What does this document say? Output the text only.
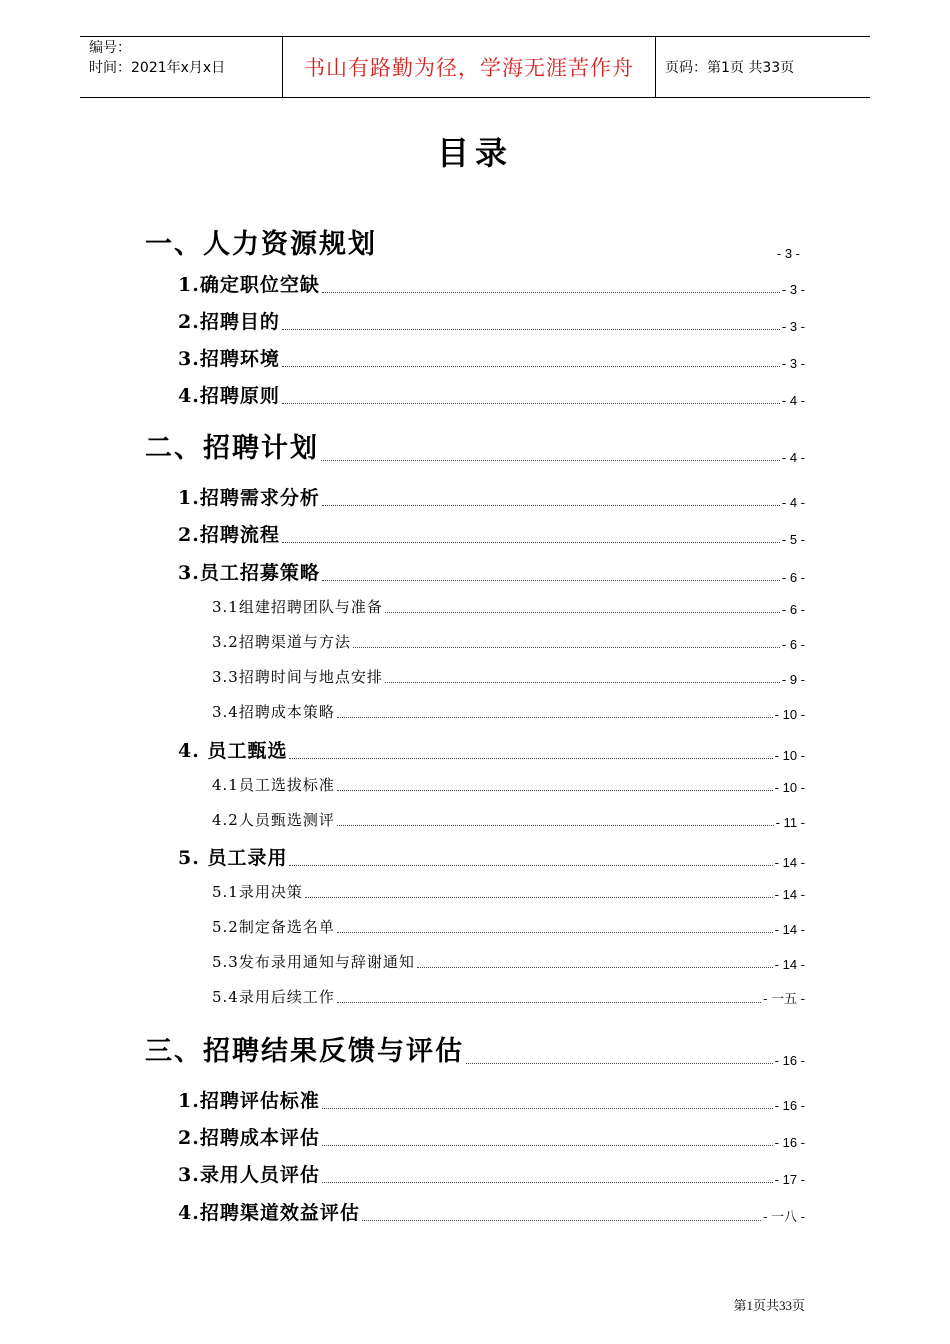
编号：
时间：2021年x月x日	书山有路勤为径，学海无涯苦作舟	页码：第1页 共33页
目录
一、人力资源规划	- 3 -
1.确定职位空缺	- 3 -
2.招聘目的	- 3 -
3.招聘环境	- 3 -
4.招聘原则	- 4 -
二、招聘计划	- 4 -
1.招聘需求分析	- 4 -
2.招聘流程	- 5 -
3.员工招募策略	- 6 -
3.1组建招聘团队与准备	- 6 -
3.2招聘渠道与方法	- 6 -
3.3招聘时间与地点安排	- 9 -
3.4招聘成本策略	- 10 -
4. 员工甄选	- 10 -
4.1员工选拔标准	- 10 -
4.2人员甄选测评	- 11 -
5. 员工录用	- 14 -
5.1录用决策	- 14 -
5.2制定备选名单	- 14 -
5.3发布录用通知与辞谢通知	- 14 -
5.4录用后续工作	- 一五 -
三、招聘结果反馈与评估	- 16 -
1.招聘评估标准	- 16 -
2.招聘成本评估	- 16 -
3.录用人员评估	- 17 -
4.招聘渠道效益评估	- 一八 -
第1页共33页
